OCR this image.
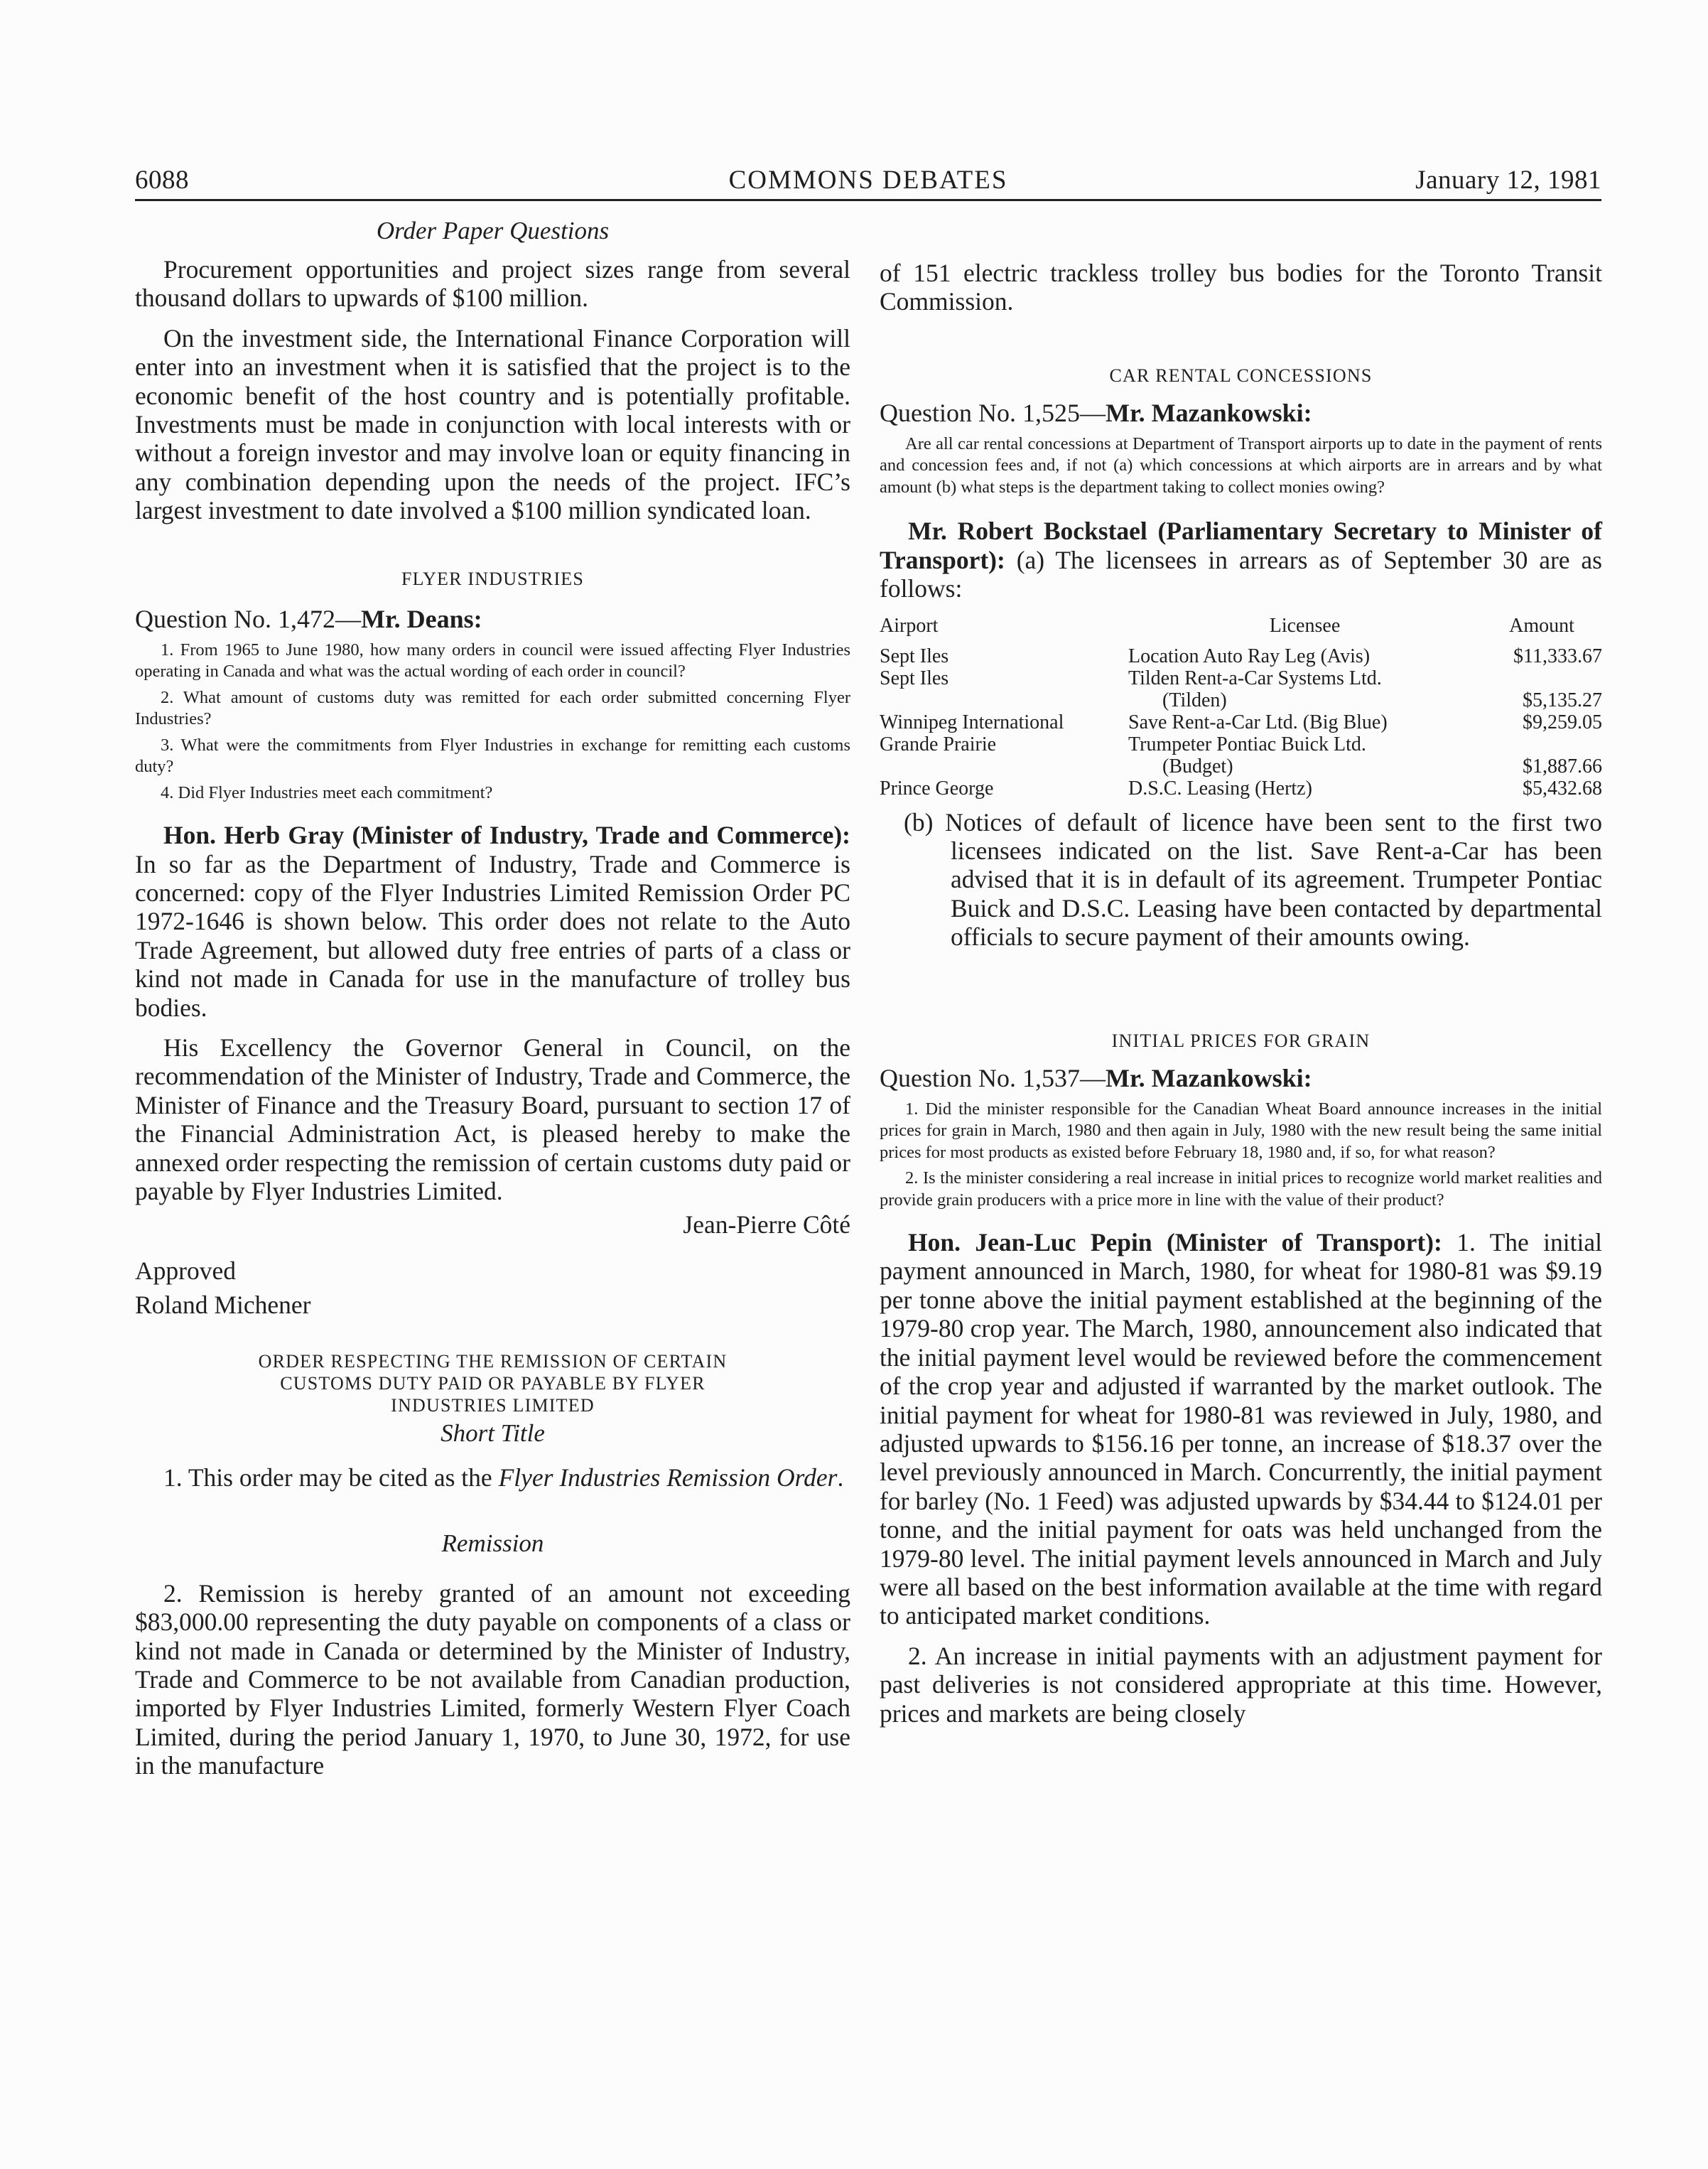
6088	COMMONS DEBATES	January 12, 1981

Order Paper Questions

Procurement opportunities and project sizes range from several thousand dollars to upwards of $100 million.

On the investment side, the International Finance Corporation will enter into an investment when it is satisfied that the project is to the economic benefit of the host country and is potentially profitable. Investments must be made in conjunction with local interests with or without a foreign investor and may involve loan or equity financing in any combination depending upon the needs of the project. IFC’s largest investment to date involved a $100 million syndicated loan.

FLYER INDUSTRIES

Question No. 1,472—Mr. Deans:

1. From 1965 to June 1980, how many orders in council were issued affecting Flyer Industries operating in Canada and what was the actual wording of each order in council?

2. What amount of customs duty was remitted for each order submitted concerning Flyer Industries?

3. What were the commitments from Flyer Industries in exchange for remitting each customs duty?

4. Did Flyer Industries meet each commitment?

Hon. Herb Gray (Minister of Industry, Trade and Commerce): In so far as the Department of Industry, Trade and Commerce is concerned: copy of the Flyer Industries Limited Remission Order PC 1972-1646 is shown below. This order does not relate to the Auto Trade Agreement, but allowed duty free entries of parts of a class or kind not made in Canada for use in the manufacture of trolley bus bodies.

His Excellency the Governor General in Council, on the recommendation of the Minister of Industry, Trade and Commerce, the Minister of Finance and the Treasury Board, pursuant to section 17 of the Financial Administration Act, is pleased hereby to make the annexed order respecting the remission of certain customs duty paid or payable by Flyer Industries Limited.

Jean-Pierre Côté

Approved

Roland Michener

ORDER RESPECTING THE REMISSION OF CERTAIN
CUSTOMS DUTY PAID OR PAYABLE BY FLYER
INDUSTRIES LIMITED

Short Title

1. This order may be cited as the Flyer Industries Remission Order.

Remission

2. Remission is hereby granted of an amount not exceeding $83,000.00 representing the duty payable on components of a class or kind not made in Canada or determined by the Minister of Industry, Trade and Commerce to be not available from Canadian production, imported by Flyer Industries Limited, formerly Western Flyer Coach Limited, during the period January 1, 1970, to June 30, 1972, for use in the manufacture

of 151 electric trackless trolley bus bodies for the Toronto Transit Commission.

CAR RENTAL CONCESSIONS

Question No. 1,525—Mr. Mazankowski:

Are all car rental concessions at Department of Transport airports up to date in the payment of rents and concession fees and, if not (a) which concessions at which airports are in arrears and by what amount (b) what steps is the department taking to collect monies owing?

Mr. Robert Bockstael (Parliamentary Secretary to Minister of Transport): (a) The licensees in arrears as of September 30 are as follows:

Airport	Licensee	Amount
Sept Iles	Location Auto Ray Leg (Avis)	$11,333.67
Sept Iles	Tilden Rent-a-Car Systems Ltd.	
	(Tilden)	$5,135.27
Winnipeg International	Save Rent-a-Car Ltd. (Big Blue)	$9,259.05
Grande Prairie	Trumpeter Pontiac Buick Ltd.	
	(Budget)	$1,887.66
Prince George	D.S.C. Leasing (Hertz)	$5,432.68

(b) Notices of default of licence have been sent to the first two licensees indicated on the list. Save Rent-a-Car has been advised that it is in default of its agreement. Trumpeter Pontiac Buick and D.S.C. Leasing have been contacted by departmental officials to secure payment of their amounts owing.

INITIAL PRICES FOR GRAIN

Question No. 1,537—Mr. Mazankowski:

1. Did the minister responsible for the Canadian Wheat Board announce increases in the initial prices for grain in March, 1980 and then again in July, 1980 with the new result being the same initial prices for most products as existed before February 18, 1980 and, if so, for what reason?

2. Is the minister considering a real increase in initial prices to recognize world market realities and provide grain producers with a price more in line with the value of their product?

Hon. Jean-Luc Pepin (Minister of Transport): 1. The initial payment announced in March, 1980, for wheat for 1980-81 was $9.19 per tonne above the initial payment established at the beginning of the 1979-80 crop year. The March, 1980, announcement also indicated that the initial payment level would be reviewed before the commencement of the crop year and adjusted if warranted by the market outlook. The initial payment for wheat for 1980-81 was reviewed in July, 1980, and adjusted upwards to $156.16 per tonne, an increase of $18.37 over the level previously announced in March. Concurrently, the initial payment for barley (No. 1 Feed) was adjusted upwards by $34.44 to $124.01 per tonne, and the initial payment for oats was held unchanged from the 1979-80 level. The initial payment levels announced in March and July were all based on the best information available at the time with regard to anticipated market conditions.

2. An increase in initial payments with an adjustment payment for past deliveries is not considered appropriate at this time. However, prices and markets are being closely
